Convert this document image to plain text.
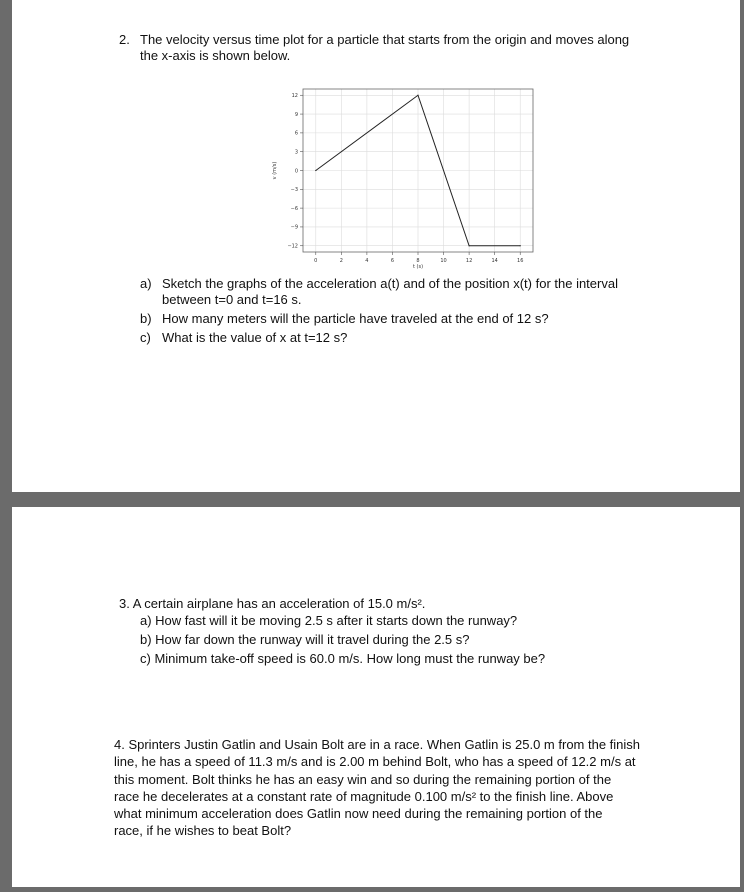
2. The velocity versus time plot for a particle that starts from the origin and moves along
the x-axis is shown below.
0	2	4	6	8	10	12	14	16
12
9
6
3
0
−3
−6
−9
−12
t (s)
v (m/s)
a) Sketch the graphs of the acceleration a(t) and of the position x(t) for the interval
between t=0 and t=16 s.
b) How many meters will the particle have traveled at the end of 12 s?
c) What is the value of x at t=12 s?
3. A certain airplane has an acceleration of 15.0 m/s².
a) How fast will it be moving 2.5 s after it starts down the runway?
b) How far down the runway will it travel during the 2.5 s?
c) Minimum take-off speed is 60.0 m/s. How long must the runway be?
4. Sprinters Justin Gatlin and Usain Bolt are in a race. When Gatlin is 25.0 m from the finish
line, he has a speed of 11.3 m/s and is 2.00 m behind Bolt, who has a speed of 12.2 m/s at
this moment. Bolt thinks he has an easy win and so during the remaining portion of the
race he decelerates at a constant rate of magnitude 0.100 m/s² to the finish line. Above
what minimum acceleration does Gatlin now need during the remaining portion of the
race, if he wishes to beat Bolt?
